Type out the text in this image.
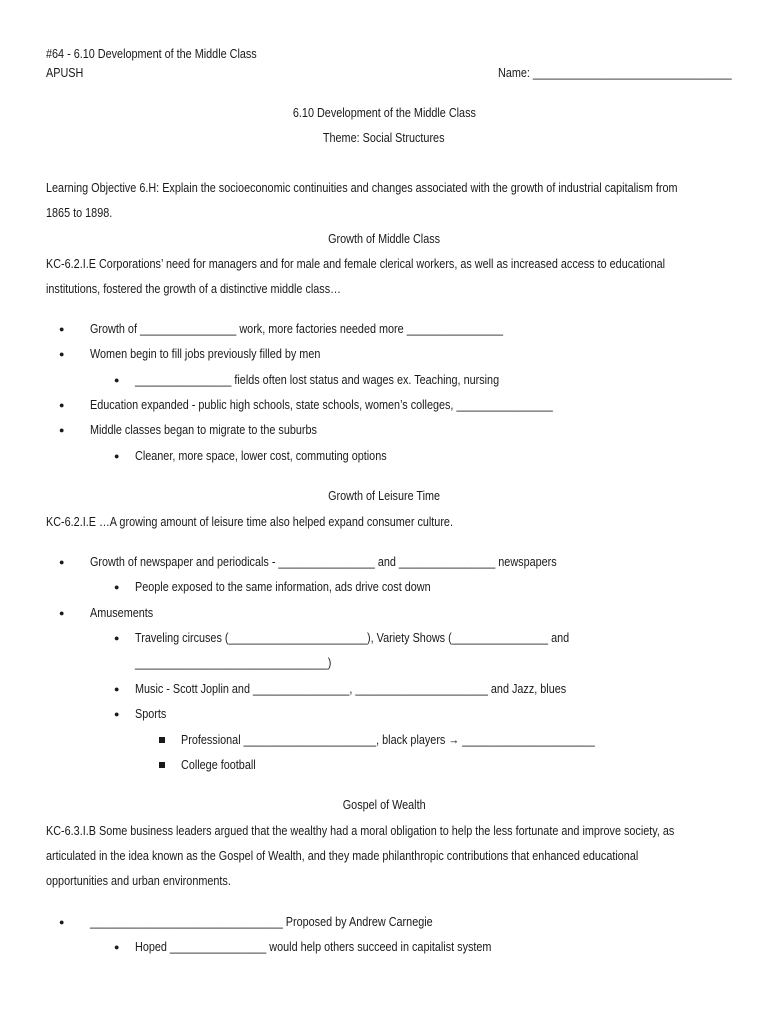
#64 - 6.10 Development of the Middle Class
APUSH	Name: _________________________________
6.10 Development of the Middle Class
Theme: Social Structures
Learning Objective 6.H: Explain the socioeconomic continuities and changes associated with the growth of industrial capitalism from
1865 to 1898.
Growth of Middle Class
KC-6.2.I.E Corporations’ need for managers and for male and female clerical workers, as well as increased access to educational
institutions, fostered the growth of a distinctive middle class…
● Growth of ________________ work, more factories needed more ________________
● Women begin to fill jobs previously filled by men
● ________________ fields often lost status and wages ex. Teaching, nursing
● Education expanded - public high schools, state schools, women’s colleges, ________________
● Middle classes began to migrate to the suburbs
● Cleaner, more space, lower cost, commuting options
Growth of Leisure Time
KC-6.2.I.E …A growing amount of leisure time also helped expand consumer culture.
● Growth of newspaper and periodicals - ________________ and ________________ newspapers
● People exposed to the same information, ads drive cost down
● Amusements
● Traveling circuses (_______________________), Variety Shows (________________ and
________________________________)
● Music - Scott Joplin and ________________, ______________________ and Jazz, blues
● Sports
Professional ______________________, black players → ______________________
College football
Gospel of Wealth
KC-6.3.I.B Some business leaders argued that the wealthy had a moral obligation to help the less fortunate and improve society, as
articulated in the idea known as the Gospel of Wealth, and they made philanthropic contributions that enhanced educational
opportunities and urban environments.
● ________________________________ Proposed by Andrew Carnegie
● Hoped ________________ would help others succeed in capitalist system
